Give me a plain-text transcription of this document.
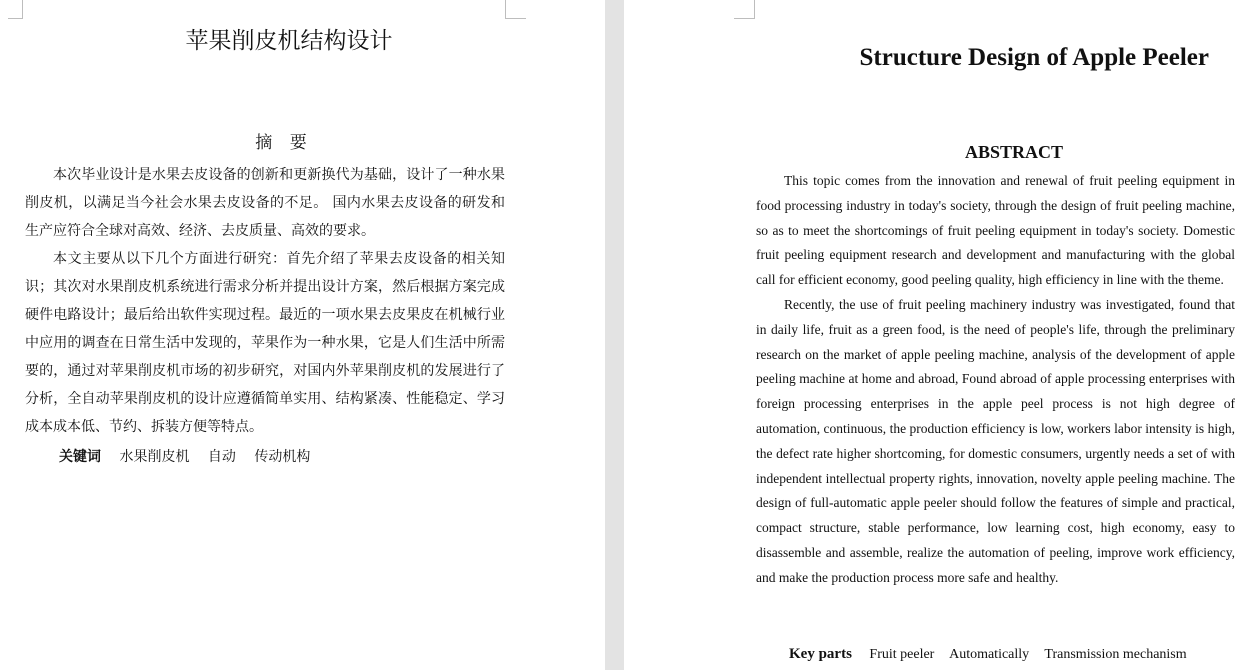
苹果削皮机结构设计
摘 要

本次毕业设计是水果去皮设备的创新和更新换代为基础，设计了一种水果削皮机，以满足当今社会水果去皮设备的不足。 国内水果去皮设备的研发和生产应符合全球对高效、经济、去皮质量、高效的要求。

本文主要从以下几个方面进行研究：首先介绍了苹果去皮设备的相关知识；其次对水果削皮机系统进行需求分析并提出设计方案，然后根据方案完成硬件电路设计；最后给出软件实现过程。最近的一项水果去皮果皮在机械行业中应用的调查在日常生活中发现的，苹果作为一种水果，它是人们生活中所需要的，通过对苹果削皮机市场的初步研究，对国内外苹果削皮机的发展进行了分析，全自动苹果削皮机的设计应遵循简单实用、结构紧凑、性能稳定、学习成本成本低、节约、拆装方便等特点。

关键词 水果削皮机 自动 传动机构
Structure Design of Apple Peeler
ABSTRACT

This topic comes from the innovation and renewal of fruit peeling equipment in food processing industry in today's society, through the design of fruit peeling machine, so as to meet the shortcomings of fruit peeling equipment in today's society. Domestic fruit peeling equipment research and development and manufacturing with the global call for efficient economy, good peeling quality, high efficiency in line with the theme.

Recently, the use of fruit peeling machinery industry was investigated, found that in daily life, fruit as a green food, is the need of people's life, through the preliminary research on the market of apple peeling machine, analysis of the development of apple peeling machine at home and abroad, Found abroad of apple processing enterprises with foreign processing enterprises in the apple peel process is not high degree of automation, continuous, the production efficiency is low, workers labor intensity is high, the defect rate higher shortcoming, for domestic consumers, urgently needs a set of with independent intellectual property rights, innovation, novelty apple peeling machine. The design of full-automatic apple peeler should follow the features of simple and practical, compact structure, stable performance, low learning cost, high economy, easy to disassemble and assemble, realize the automation of peeling, improve work efficiency, and make the production process more safe and healthy.

Key parts Fruit peeler Automatically Transmission mechanism
